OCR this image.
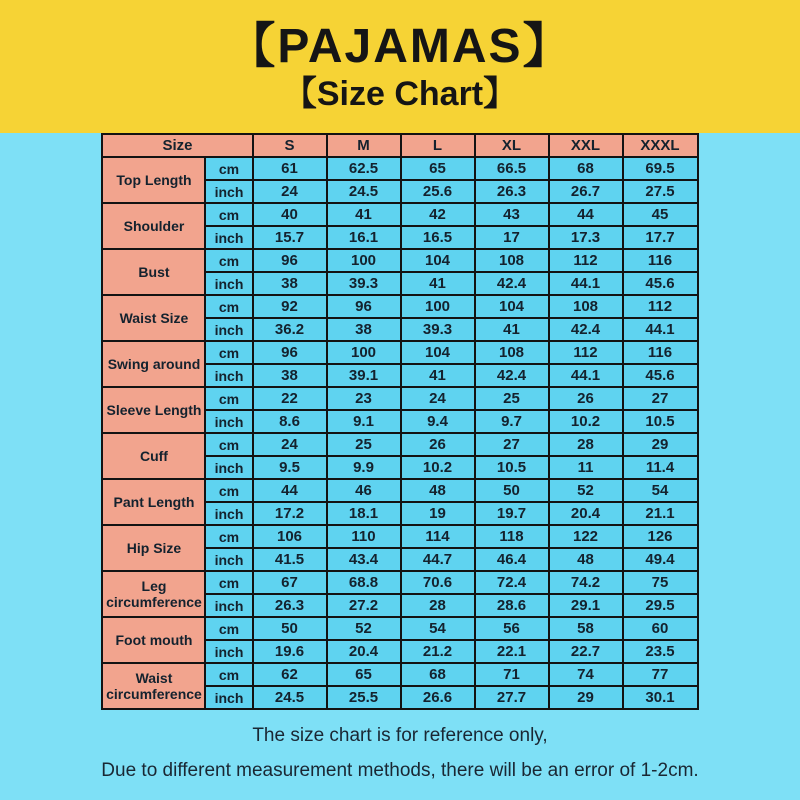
【PAJAMAS】
【Size Chart】
Size		S	M	L	XL	XXL	XXXL
Top Length	cm	61	62.5	65	66.5	68	69.5
	inch	24	24.5	25.6	26.3	26.7	27.5
Shoulder	cm	40	41	42	43	44	45
	inch	15.7	16.1	16.5	17	17.3	17.7
Bust	cm	96	100	104	108	112	116
	inch	38	39.3	41	42.4	44.1	45.6
Waist Size	cm	92	96	100	104	108	112
	inch	36.2	38	39.3	41	42.4	44.1
Swing around	cm	96	100	104	108	112	116
	inch	38	39.1	41	42.4	44.1	45.6
Sleeve Length	cm	22	23	24	25	26	27
	inch	8.6	9.1	9.4	9.7	10.2	10.5
Cuff	cm	24	25	26	27	28	29
	inch	9.5	9.9	10.2	10.5	11	11.4
Pant Length	cm	44	46	48	50	52	54
	inch	17.2	18.1	19	19.7	20.4	21.1
Hip Size	cm	106	110	114	118	122	126
	inch	41.5	43.4	44.7	46.4	48	49.4
Leg circumference	cm	67	68.8	70.6	72.4	74.2	75
	inch	26.3	27.2	28	28.6	29.1	29.5
Foot mouth	cm	50	52	54	56	58	60
	inch	19.6	20.4	21.2	22.1	22.7	23.5
Waist circumference	cm	62	65	68	71	74	77
	inch	24.5	25.5	26.6	27.7	29	30.1
The size chart is for reference only,
Due to different measurement methods, there will be an error of 1-2cm.
